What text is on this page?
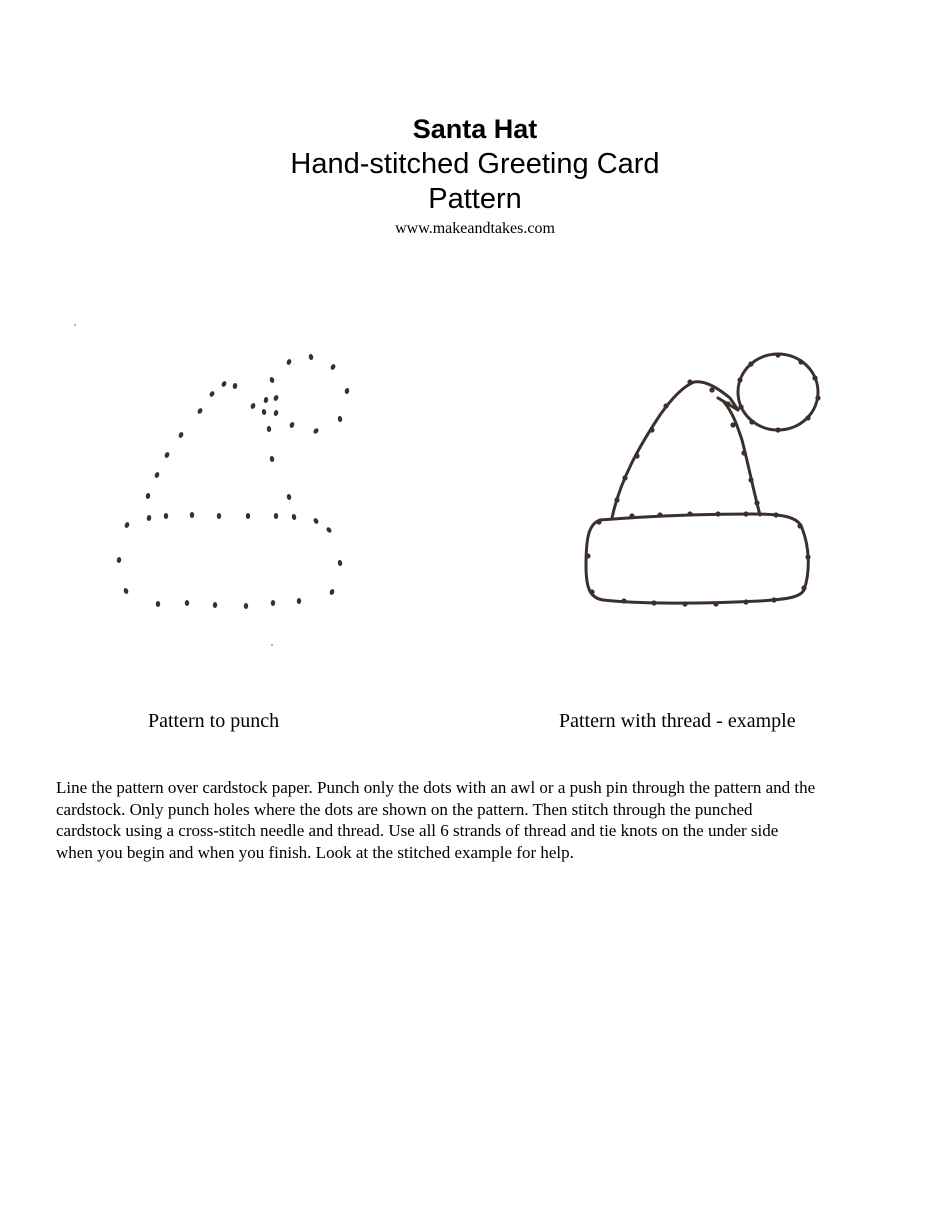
Santa Hat
Hand-stitched Greeting Card
Pattern
www.makeandtakes.com
Pattern to punch	Pattern with thread - example

Line the pattern over cardstock paper. Punch only the dots with an awl or a push pin through the pattern and the

cardstock. Only punch holes where the dots are shown on the pattern. Then stitch through the punched

cardstock using a cross-stitch needle and thread. Use all 6 strands of thread and tie knots on the under side

when you begin and when you finish. Look at the stitched example for help.
